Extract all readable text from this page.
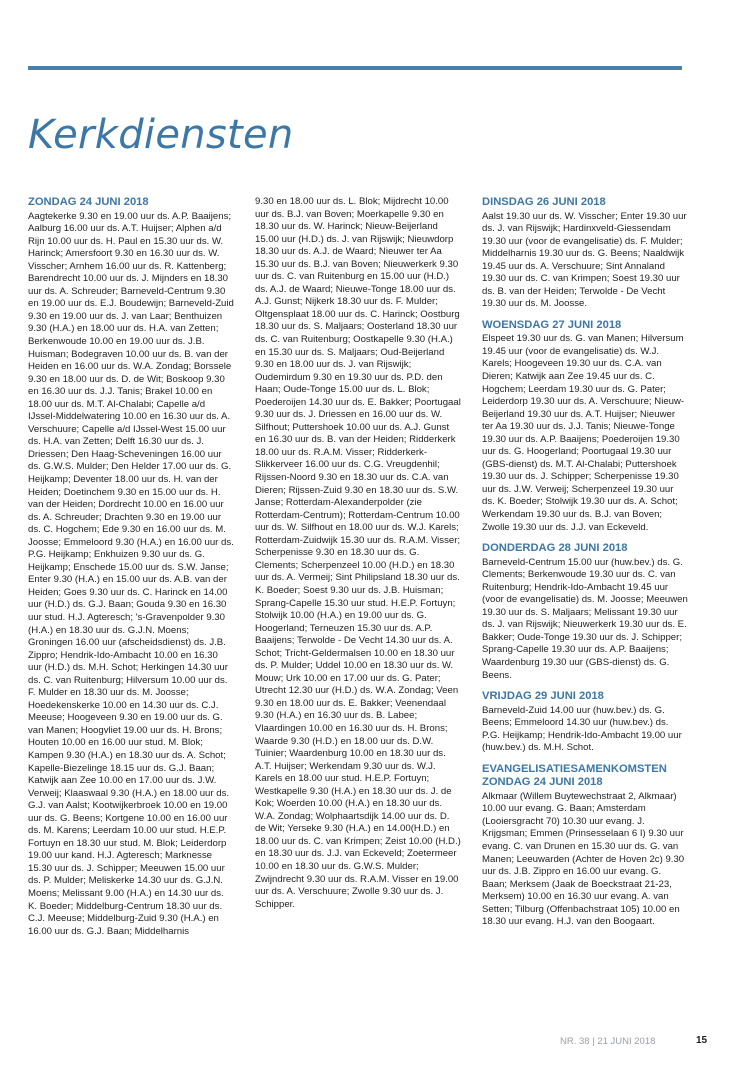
Kerkdiensten
ZONDAG 24 JUNI 2018

Aagtekerke 9.30 en 19.00 uur ds. A.P. Baaijens; Aalburg 16.00 uur ds. A.T. Huijser; Alphen a/d Rijn 10.00 uur ds. H. Paul en 15.30 uur ds. W. Harinck; Amersfoort 9.30 en 16.30 uur ds. W. Visscher; Arnhem 16.00 uur ds. R. Kattenberg; Barendrecht 10.00 uur ds. J. Mijnders en 18.30 uur ds. A. Schreuder; Barneveld-Centrum 9.30 en 19.00 uur ds. E.J. Boudewijn; Barneveld-Zuid 9.30 en 19.00 uur ds. J. van Laar; Benthuizen 9.30 (H.A.) en 18.00 uur ds. H.A. van Zetten; Berkenwoude 10.00 en 19.00 uur ds. J.B. Huisman; Bodegraven 10.00 uur ds. B. van der Heiden en 16.00 uur ds. W.A. Zondag; Borssele 9.30 en 18.00 uur ds. D. de Wit; Boskoop 9.30 en 16.30 uur ds. J.J. Tanis; Brakel 10.00 en 18.00 uur ds. M.T. Al-Chalabi; Capelle a/d IJssel-Middelwatering 10.00 en 16.30 uur ds. A. Verschuure; Capelle a/d IJssel-West 15.00 uur ds. H.A. van Zetten; Delft 16.30 uur ds. J. Driessen; Den Haag-Scheveningen 16.00 uur ds. G.W.S. Mulder; Den Helder 17.00 uur ds. G. Heijkamp; Deventer 18.00 uur ds. H. van der Heiden; Doetinchem 9.30 en 15.00 uur ds. H. van der Heiden; Dordrecht 10.00 en 16.00 uur ds. A. Schreuder; Drachten 9.30 en 19.00 uur ds. C. Hogchem; Ede 9.30 en 16.00 uur ds. M. Joosse; Emmeloord 9.30 (H.A.) en 16.00 uur ds. P.G. Heijkamp; Enkhuizen 9.30 uur ds. G. Heijkamp; Enschede 15.00 uur ds. S.W. Janse; Enter 9.30 (H.A.) en 15.00 uur ds. A.B. van der Heiden; Goes 9.30 uur ds. C. Harinck en 14.00 uur (H.D.) ds. G.J. Baan; Gouda 9.30 en 16.30 uur stud. H.J. Agteresch; 's-Gravenpolder 9.30 (H.A.) en 18.30 uur ds. G.J.N. Moens; Groningen 16.00 uur (afscheidsdienst) ds. J.B. Zippro; Hendrik-Ido-Ambacht 10.00 en 16.30 uur (H.D.) ds. M.H. Schot; Herkingen 14.30 uur ds. C. van Ruitenburg; Hilversum 10.00 uur ds. F. Mulder en 18.30 uur ds. M. Joosse; Hoedekenskerke 10.00 en 14.30 uur ds. C.J. Meeuse; Hoogeveen 9.30 en 19.00 uur ds. G. van Manen; Hoogvliet 19.00 uur ds. H. Brons; Houten 10.00 en 16.00 uur stud. M. Blok; Kampen 9.30 (H.A.) en 18.30 uur ds. A. Schot; Kapelle-Biezelinge 18.15 uur ds. G.J. Baan; Katwijk aan Zee 10.00 en 17.00 uur ds. J.W. Verweij; Klaaswaal 9.30 (H.A.) en 18.00 uur ds. G.J. van Aalst; Kootwijkerbroek 10.00 en 19.00 uur ds. G. Beens; Kortgene 10.00 en 16.00 uur ds. M. Karens; Leerdam 10.00 uur stud. H.E.P. Fortuyn en 18.30 uur stud. M. Blok; Leiderdorp 19.00 uur kand. H.J. Agteresch; Marknesse 15.30 uur ds. J. Schipper; Meeuwen 15.00 uur ds. P. Mulder; Meliskerke 14.30 uur ds. G.J.N. Moens; Melissant 9.00 (H.A.) en 14.30 uur ds. K. Boeder; Middelburg-Centrum 18.30 uur ds. C.J. Meeuse; Middelburg-Zuid 9.30 (H.A.) en 16.00 uur ds. G.J. Baan; Middelharnis

9.30 en 18.00 uur ds. L. Blok; Mijdrecht 10.00 uur ds. B.J. van Boven; Moerkapelle 9.30 en 18.30 uur ds. W. Harinck; Nieuw-Beijerland 15.00 uur (H.D.) ds. J. van Rijswijk; Nieuwdorp 18.30 uur ds. A.J. de Waard; Nieuwer ter Aa 15.30 uur ds. B.J. van Boven; Nieuwerkerk 9.30 uur ds. C. van Ruitenburg en 15.00 uur (H.D.) ds. A.J. de Waard; Nieuwe-Tonge 18.00 uur ds. A.J. Gunst; Nijkerk 18.30 uur ds. F. Mulder; Oltgensplaat 18.00 uur ds. C. Harinck; Oostburg 18.30 uur ds. S. Maljaars; Oosterland 18.30 uur ds. C. van Ruitenburg; Oostkapelle 9.30 (H.A.) en 15.30 uur ds. S. Maljaars; Oud-Beijerland 9.30 en 18.00 uur ds. J. van Rijswijk; Oudemirdum 9.30 en 19.30 uur ds. P.D. den Haan; Oude-Tonge 15.00 uur ds. L. Blok; Poederoijen 14.30 uur ds. E. Bakker; Poortugaal 9.30 uur ds. J. Driessen en 16.00 uur ds. W. Silfhout; Puttershoek 10.00 uur ds. A.J. Gunst en 16.30 uur ds. B. van der Heiden; Ridderkerk 18.00 uur ds. R.A.M. Visser; Ridderkerk-Slikkerveer 16.00 uur ds. C.G. Vreugdenhil; Rijssen-Noord 9.30 en 18.30 uur ds. C.A. van Dieren; Rijssen-Zuid 9.30 en 18.30 uur ds. S.W. Janse; Rotterdam-Alexanderpolder (zie Rotterdam-Centrum); Rotterdam-Centrum 10.00 uur ds. W. Silfhout en 18.00 uur ds. W.J. Karels; Rotterdam-Zuidwijk 15.30 uur ds. R.A.M. Visser; Scherpenisse 9.30 en 18.30 uur ds. G. Clements; Scherpenzeel 10.00 (H.D.) en 18.30 uur ds. A. Vermeij; Sint Philipsland 18.30 uur ds. K. Boeder; Soest 9.30 uur ds. J.B. Huisman; Sprang-Capelle 15.30 uur stud. H.E.P. Fortuyn; Stolwijk 10.00 (H.A.) en 19.00 uur ds. G. Hoogerland; Terneuzen 15.30 uur ds. A.P. Baaijens; Terwolde - De Vecht 14.30 uur ds. A. Schot; Tricht-Geldermalsen 10.00 en 18.30 uur ds. P. Mulder; Uddel 10.00 en 18.30 uur ds. W. Mouw; Urk 10.00 en 17.00 uur ds. G. Pater; Utrecht 12.30 uur (H.D.) ds. W.A. Zondag; Veen 9.30 en 18.00 uur ds. E. Bakker; Veenendaal 9.30 (H.A.) en 16.30 uur ds. B. Labee; Vlaardingen 10.00 en 16.30 uur ds. H. Brons; Waarde 9.30 (H.D.) en 18.00 uur ds. D.W. Tuinier; Waardenburg 10.00 en 18.30 uur ds. A.T. Huijser; Werkendam 9.30 uur ds. W.J. Karels en 18.00 uur stud. H.E.P. Fortuyn; Westkapelle 9.30 (H.A.) en 18.30 uur ds. J. de Kok; Woerden 10.00 (H.A.) en 18.30 uur ds. W.A. Zondag; Wolphaartsdijk 14.00 uur ds. D. de Wit; Yerseke 9.30 (H.A.) en 14.00(H.D.) en 18.00 uur ds. C. van Krimpen; Zeist 10.00 (H.D.) en 18.30 uur ds. J.J. van Eckeveld; Zoetermeer 10.00 en 18.30 uur ds. G.W.S. Mulder; Zwijndrecht 9.30 uur ds. R.A.M. Visser en 19.00 uur ds. A. Verschuure; Zwolle 9.30 uur ds. J. Schipper.

DINSDAG 26 JUNI 2018

Aalst 19.30 uur ds. W. Visscher; Enter 19.30 uur ds. J. van Rijswijk; Hardinxveld-Giessendam 19.30 uur (voor de evangelisatie) ds. F. Mulder; Middelharnis 19.30 uur ds. G. Beens; Naaldwijk 19.45 uur ds. A. Verschuure; Sint Annaland 19.30 uur ds. C. van Krimpen; Soest 19.30 uur ds. B. van der Heiden; Terwolde - De Vecht 19.30 uur ds. M. Joosse.

WOENSDAG 27 JUNI 2018

Elspeet 19.30 uur ds. G. van Manen; Hilversum 19.45 uur (voor de evangelisatie) ds. W.J. Karels; Hoogeveen 19.30 uur ds. C.A. van Dieren; Katwijk aan Zee 19.45 uur ds. C. Hogchem; Leerdam 19.30 uur ds. G. Pater; Leiderdorp 19.30 uur ds. A. Verschuure; Nieuw-Beijerland 19.30 uur ds. A.T. Huijser; Nieuwer ter Aa 19.30 uur ds. J.J. Tanis; Nieuwe-Tonge 19.30 uur ds. A.P. Baaijens; Poederoijen 19.30 uur ds. G. Hoogerland; Poortugaal 19.30 uur (GBS-dienst) ds. M.T. Al-Chalabi; Puttershoek 19.30 uur ds. J. Schipper; Scherpenisse 19.30 uur ds. J.W. Verweij; Scherpenzeel 19.30 uur ds. K. Boeder; Stolwijk 19.30 uur ds. A. Schot; Werkendam 19.30 uur ds. B.J. van Boven; Zwolle 19.30 uur ds. J.J. van Eckeveld.

DONDERDAG 28 JUNI 2018

Barneveld-Centrum 15.00 uur (huw.bev.) ds. G. Clements; Berkenwoude 19.30 uur ds. C. van Ruitenburg; Hendrik-Ido-Ambacht 19.45 uur (voor de evangelisatie) ds. M. Joosse; Meeuwen 19.30 uur ds. S. Maljaars; Melissant 19.30 uur ds. J. van Rijswijk; Nieuwerkerk 19.30 uur ds. E. Bakker; Oude-Tonge 19.30 uur ds. J. Schipper; Sprang-Capelle 19.30 uur ds. A.P. Baaijens; Waardenburg 19.30 uur (GBS-dienst) ds. G. Beens.

VRIJDAG 29 JUNI 2018

Barneveld-Zuid 14.00 uur (huw.bev.) ds. G. Beens; Emmeloord 14.30 uur (huw.bev.) ds. P.G. Heijkamp; Hendrik-Ido-Ambacht 19.00 uur (huw.bev.) ds. M.H. Schot.

EVANGELISATIESAMENKOMSTEN ZONDAG 24 JUNI 2018

Alkmaar (Willem Buytewechstraat 2, Alkmaar) 10.00 uur evang. G. Baan; Amsterdam (Looiersgracht 70) 10.30 uur evang. J. Krijgsman; Emmen (Prinsesselaan 6 I) 9.30 uur evang. C. van Drunen en 15.30 uur ds. G. van Manen; Leeuwarden (Achter de Hoven 2c) 9.30 uur ds. J.B. Zippro en 16.00 uur evang. G. Baan; Merksem (Jaak de Boeckstraat 21-23, Merksem) 10.00 en 16.30 uur evang. A. van Setten; Tilburg (Offenbachstraat 105) 10.00 en 18.30 uur evang. H.J. van den Boogaart.

NR. 38 | 21 JUNI 2018	15
